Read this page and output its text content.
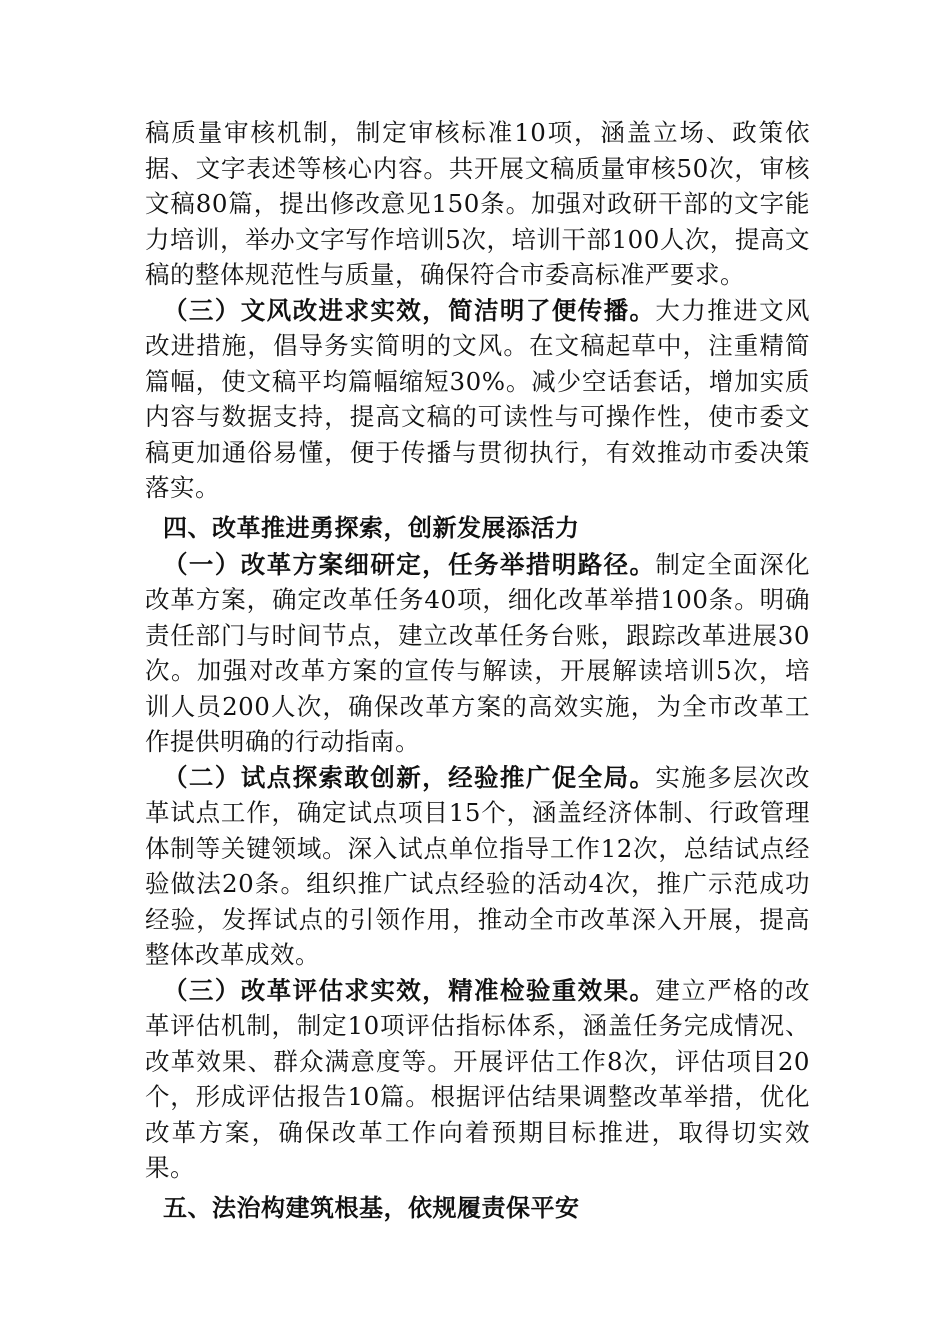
稿质量审核机制，制定审核标准10项，涵盖立场、政策依据、文字表述等核心内容。共开展文稿质量审核50次，审核文稿80篇，提出修改意见150条。加强对政研干部的文字能力培训，举办文字写作培训5次，培训干部100人次，提高文稿的整体规范性与质量，确保符合市委高标准严要求。

（三）文风改进求实效，简洁明了便传播。大力推进文风改进措施，倡导务实简明的文风。在文稿起草中，注重精简篇幅，使文稿平均篇幅缩短30%。减少空话套话，增加实质内容与数据支持，提高文稿的可读性与可操作性，使市委文稿更加通俗易懂，便于传播与贯彻执行，有效推动市委决策落实。

四、改革推进勇探索，创新发展添活力

（一）改革方案细研定，任务举措明路径。制定全面深化改革方案，确定改革任务40项，细化改革举措100条。明确责任部门与时间节点，建立改革任务台账，跟踪改革进展30次。加强对改革方案的宣传与解读，开展解读培训5次，培训人员200人次，确保改革方案的高效实施，为全市改革工作提供明确的行动指南。

（二）试点探索敢创新，经验推广促全局。实施多层次改革试点工作，确定试点项目15个，涵盖经济体制、行政管理体制等关键领域。深入试点单位指导工作12次，总结试点经验做法20条。组织推广试点经验的活动4次，推广示范成功经验，发挥试点的引领作用，推动全市改革深入开展，提高整体改革成效。

（三）改革评估求实效，精准检验重效果。建立严格的改革评估机制，制定10项评估指标体系，涵盖任务完成情况、改革效果、群众满意度等。开展评估工作8次，评估项目20个，形成评估报告10篇。根据评估结果调整改革举措，优化改革方案，确保改革工作向着预期目标推进，取得切实效果。

五、法治构建筑根基，依规履责保平安
